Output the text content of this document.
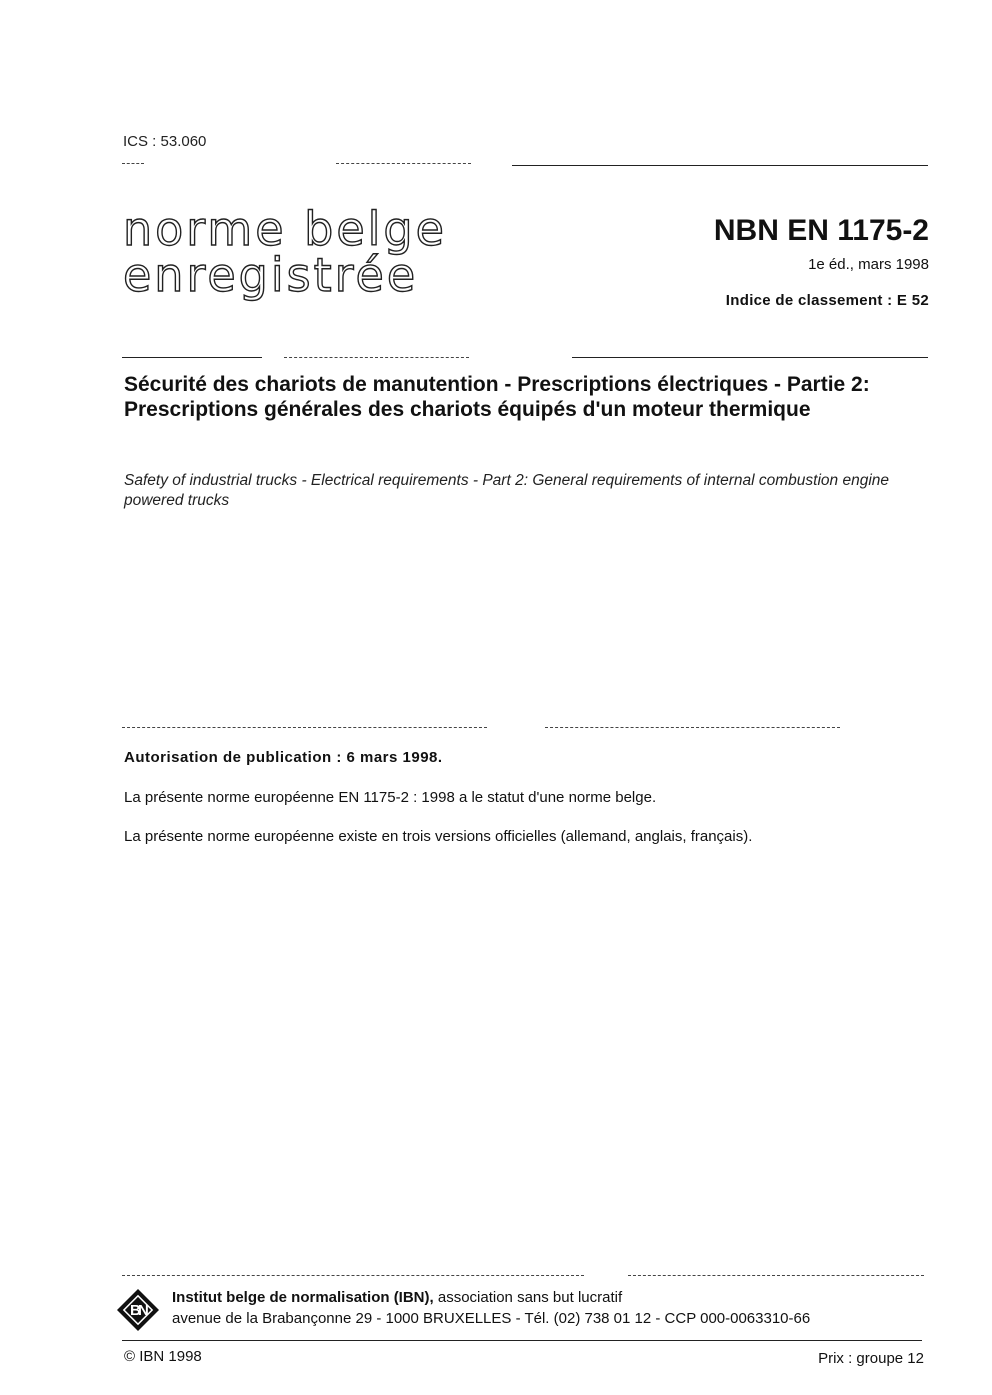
ICS : 53.060
norme belge
enregistrée
NBN EN 1175-2
1e éd., mars 1998
Indice de classement : E 52
Sécurité des chariots de manutention - Prescriptions électriques - Partie 2: Prescriptions générales des chariots équipés d'un moteur thermique
Safety of industrial trucks - Electrical requirements - Part 2: General requirements of internal combustion engine powered trucks
Autorisation de publication : 6 mars 1998.
La présente norme européenne EN 1175-2 : 1998 a le statut d'une norme belge.
La présente norme européenne existe en trois versions officielles (allemand, anglais, français).
B
N
Institut belge de normalisation (IBN), association sans but lucratif
avenue de la Brabançonne 29 - 1000 BRUXELLES - Tél. (02) 738 01 12 - CCP 000-0063310-66
© IBN 1998	Prix : groupe 12
